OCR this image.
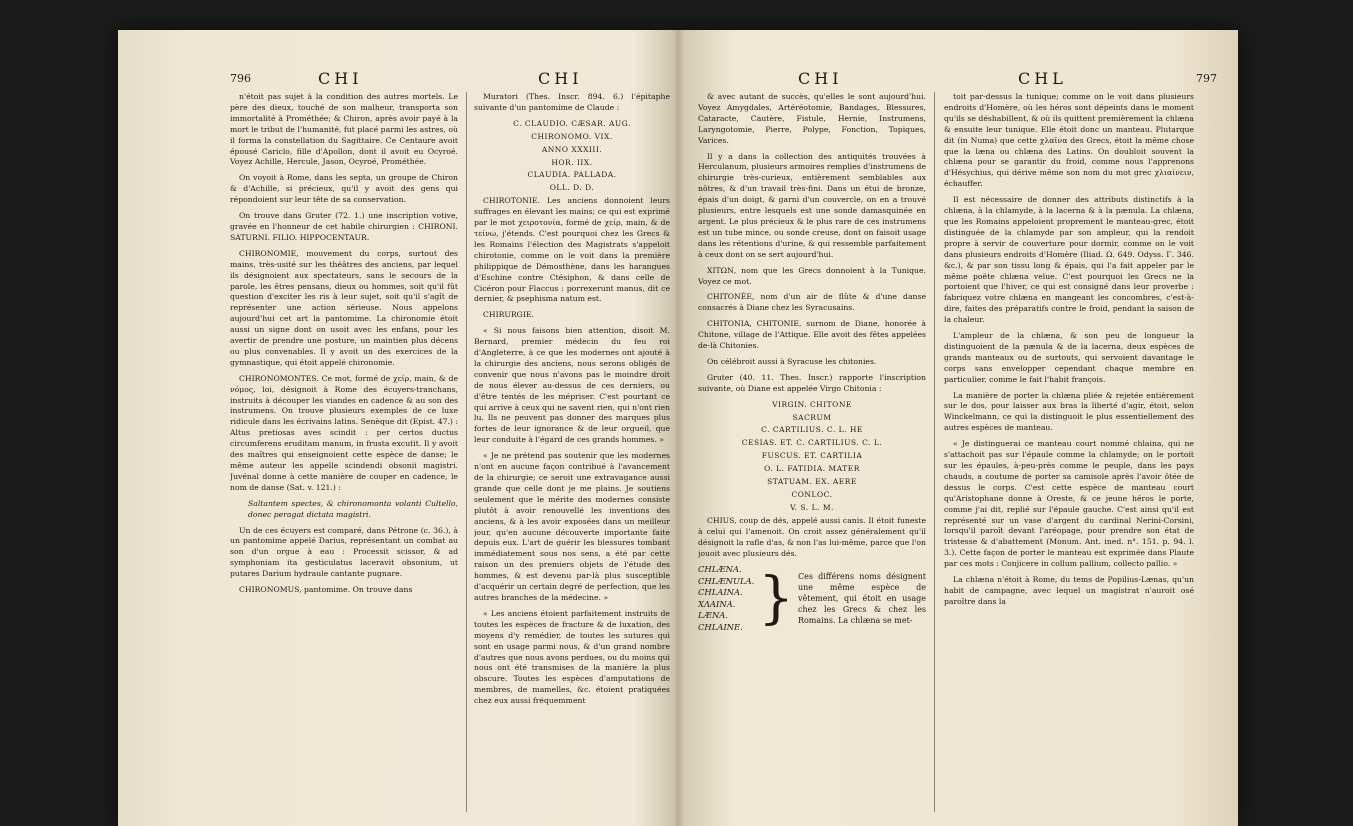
796	CHI	CHI

n'étoit pas sujet à la condition des autres mortels. Le père des dieux, touché de son malheur, transporta son immortalité à Prométhée; & Chiron, après avoir payé à la mort le tribut de l'humanité, fut placé parmi les astres, où il forma la constellation du Sagittaire. Ce Centaure avoit épousé Cariclo, fille d'Apollon, dont il avoit eu Ocyroé. Voyez Achille, Hercule, Jason, Ocyroé, Prométhée.

On voyoit à Rome, dans les septa, un groupe de Chiron & d'Achille, si précieux, qu'il y avoit des gens qui répondoient sur leur tête de sa conservation.

On trouve dans Gruter (72. 1.) une inscription votive, gravée en l'honneur de cet habile chirurgien : CHIRONI. SATURNI. FILIO. HIPPOCENTAUR.

CHIRONOMIE, mouvement du corps, surtout des mains, très-usité sur les théâtres des anciens, par lequel ils désignoient aux spectateurs, sans le secours de la parole, les êtres pensans, dieux ou hommes, soit qu'il fût question d'exciter les ris à leur sujet, soit qu'il s'agît de représenter une action sérieuse. Nous appelons aujourd'hui cet art la pantomime. La chironomie étoit aussi un signe dont on usoit avec les enfans, pour les avertir de prendre une posture, un maintien plus décens ou plus convenables. Il y avoit un des exercices de la gymnastique, qui étoit appelé chironomie.

CHIRONOMONTES. Ce mot, formé de χείρ, main, & de νόμος, loi, désignoit à Rome des écuyers-tranchans, instruits à découper les viandes en cadence & au son des instrumens. On trouve plusieurs exemples de ce luxe ridicule dans les écrivains latins. Senèque dit (Epist. 47.) : Altus pretiosas aves scindit : per certos ductus circumferens eruditam manum, in frusta excutit. Il y avoit des maîtres qui enseignoient cette espèce de danse; le même auteur les appelle scindendi obsonii magistri. Juvénal donne à cette manière de couper en cadence, le nom de danse (Sat. v. 121.) :

Saltantem spectes, & chironomonta volanti Cultello, donec peragat dictata magistri.

Un de ces écuyers est comparé, dans Pétrone (c. 36.), à un pantomime appelé Darius, représentant un combat au son d'un orgue à eau : Processit scissor, & ad symphoniam ita gesticulatus laceravit obsonium, ut putares Darium hydraule cantante pugnare.

CHIRONOMUS, pantomime. On trouve dans

Muratori (Thes. Inscr. 894. 6.) l'épitaphe suivante d'un pantomime de Claude :

C. CLAUDIO. CÆSAR. AUG.

CHIRONOMO. VIX.

ANNO XXXIII.

HOR. IIX.

CLAUDIA. PALLADA.

OLL. D. D.

CHIROTONIE. Les anciens donnoient leurs suffrages en élevant les mains; ce qui est exprimé par le mot χειροτονία, formé de χείρ, main, & de τείνω, j'étends. C'est pourquoi chez les Grecs & les Romains l'élection des Magistrats s'appeloit chirotonie, comme on le voit dans la première philippique de Démosthène, dans les harangues d'Eschine contre Ctésiphon, & dans celle de Cicéron pour Flaccus : porrexerunt manus, dit ce dernier, & psephisma natum est.

CHIRURGIE.

« Si nous faisons bien attention, disoit M. Bernard, premier médecin du feu roi d'Angleterre, à ce que les modernes ont ajouté à la chirurgie des anciens, nous serons obligés de convenir que nous n'avons pas le moindre droit de nous élever au-dessus de ces derniers, ou d'être tentés de les mépriser. C'est pourtant ce qui arrive à ceux qui ne savent rien, qui n'ont rien lu. Ils ne peuvent pas donner des marques plus fortes de leur ignorance & de leur orgueil, que leur conduite à l'égard de ces grands hommes. »

« Je ne prétend pas soutenir que les modernes n'ont en aucune façon contribué à l'avancement de la chirurgie; ce seroit une extravagance aussi grande que celle dont je me plains. Je soutiens seulement que le mérite des modernes consiste plutôt à avoir renouvellé les inventions des anciens, & à les avoir exposées dans un meilleur jour, qu'en aucune découverte importante faite depuis eux. L'art de guérir les blessures tombant immédiatement sous nos sens, a été par cette raison un des premiers objets de l'étude des hommes, & est devenu par-là plus susceptible d'acquérir un certain degré de perfection, que les autres branches de la médecine. »

« Les anciens étoient parfaitement instruits de toutes les espèces de fracture & de luxation, des moyens d'y remédier, de toutes les sutures qui sont en usage parmi nous, & d'un grand nombre d'autres que nous avons perdues, ou du moins qui nous ont été transmises de la manière la plus obscure. Toutes les espèces d'amputations de membres, de mamelles, &c. étoient pratiquées chez eux aussi fréquemment

CHI	CHL	797

& avec autant de succès, qu'elles le sont aujourd'hui. Voyez Amygdales, Artéréotomie, Bandages, Blessures, Cataracte, Cautère, Fistule, Hernie, Instrumens, Laryngotomie, Pierre, Polype, Fonction, Topiques, Varices.

Il y a dans la collection des antiquités trouvées à Herculanum, plusieurs armoires remplies d'instrumens de chirurgie très-curieux, entièrement semblables aux nôtres, & d'un travail très-fini. Dans un étui de bronze, épais d'un doigt, & garni d'un couvercle, on en a trouvé plusieurs, entre lesquels est une sonde damasquinée en argent. Le plus précieux & le plus rare de ces instrumens est un tube mince, ou sonde creuse, dont on faisoit usage dans les rétentions d'urine, & qui ressemble parfaitement à ceux dont on se sert aujourd'hui.

ΧΙΤΩΝ, nom que les Grecs donnoient à la Tunique. Voyez ce mot.

CHITONÉE, nom d'un air de flûte & d'une danse consacrés à Diane chez les Syracusains.

CHITONIA, CHITONIE, surnom de Diane, honorée à Chitone, village de l'Attique. Elle avoit des fêtes appelées de-là Chitonies.

On célébroit aussi à Syracuse les chitonies.

Gruter (40. 11. Thes. Inscr.) rapporte l'inscription suivante, où Diane est appelée Virgo Chitonia :

VIRGIN. CHITONE

SACRUM

C. CARTILIUS. C. L. HE

CESIAS. ET. C. CARTILIUS. C. L.

FUSCUS. ET. CARTILIA

O. L. FATIDIA. MATER

STATUAM. EX. AERE

CONLOC.

V. S. L. M.

CHIUS, coup de dés, appelé aussi canis. Il étoit funeste à celui qui l'amenoit. On croit assez généralement qu'il désignoit la rafle d'as, & non l'as lui-même, parce que l'on jouoit avec plusieurs dés.

CHLÆNA.
CHLÆNULA.
CHLAINA.
ΧΛΑΙΝΑ.
LÆNA.
CHLAINE. } Ces différens noms désignent une même espèce de vêtement, qui étoit en usage chez les Grecs & chez les Romains. La chlæna se met-

toit par-dessus la tunique; comme on le voit dans plusieurs endroits d'Homère, où les héros sont dépeints dans le moment qu'ils se déshabillent, & où ils quittent premièrement la chlæna & ensuite leur tunique. Elle étoit donc un manteau. Plutarque dit (in Numa) que cette χλαῖνα des Grecs, étoit la même chose que la læna ou chlæna des Latins. On doubloit souvent la chlæna pour se garantir du froid, comme nous l'apprenons d'Hésychius, qui dérive même son nom du mot grec χλιαίνειν, échauffer.

Il est nécessaire de donner des attributs distinctifs à la chlæna, à la chlamyde, à la lacerna & à la pænula. La chlæna, que les Romains appeloient proprement le manteau-grec, étoit distinguée de la chlamyde par son ampleur, qui la rendoit propre à servir de couverture pour dormir, comme on le voit dans plusieurs endroits d'Homère (Iliad. Ω. 649. Odyss. Γ. 346. &c.), & par son tissu long & épais, qui l'a fait appeler par le même poëte chlæna velue. C'est pourquoi les Grecs ne la portoient que l'hiver, ce qui est consigné dans leur proverbe : fabriquez votre chlæna en mangeant les concombres, c'est-à-dire, faites des préparatifs contre le froid, pendant la saison de la chaleur.

L'ampleur de la chlæna, & son peu de longueur la distinguoient de la pænula & de la lacerna, deux espèces de grands manteaux ou de surtouts, qui servoient davantage le corps sans envelopper cependant chaque membre en particulier, comme le fait l'habit françois.

La manière de porter la chlæna pliée & rejetée entièrement sur le dos, pour laisser aux bras la liberté d'agir, étoit, selon Winckelmann, ce qui la distinguoit le plus essentiellement des autres espèces de manteau.

« Je distinguerai ce manteau court nommé chlaina, qui ne s'attachoit pas sur l'épaule comme la chlamyde; on le portoit sur les épaules, à-peu-près comme le peuple, dans les pays chauds, a coutume de porter sa camisole après l'avoir ôtée de dessus le corps. C'est cette espèce de manteau court qu'Aristophane donne à Oreste, & ce jeune héros le porte, comme j'ai dit, replié sur l'épaule gauche. C'est ainsi qu'il est représenté sur un vase d'argent du cardinal Nerini-Corsini, lorsqu'il paroît devant l'aréopage, pour prendre son état de tristesse & d'abattement (Monum. Ant. ined. n°. 151. p. 94. l. 3.). Cette façon de porter le manteau est exprimée dans Plaute par ces mots : Conjicere in collum pallium, collecto pallio. »

La chlæna n'étoit à Rome, du tems de Popilius-Lænas, qu'un habit de campagne, avec lequel un magistrat n'auroit osé paroître dans la
